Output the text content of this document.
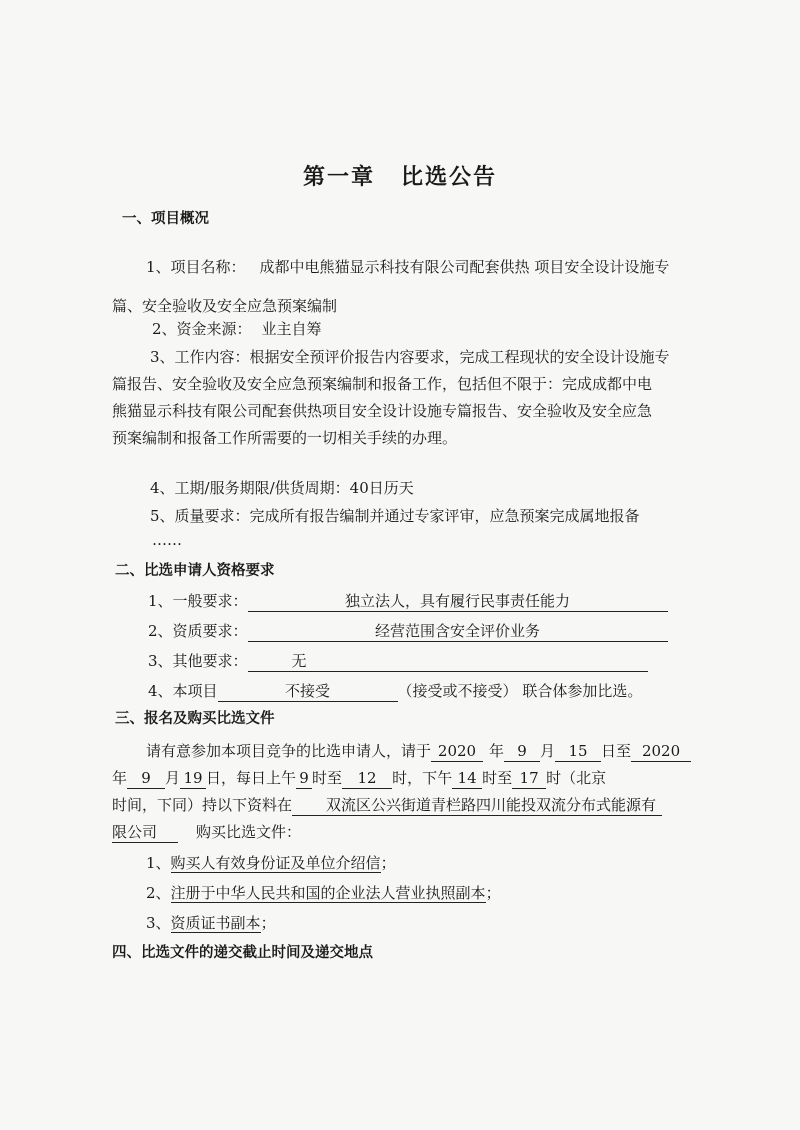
第一章 比选公告
一、项目概况
1、项目名称： 成都中电熊猫显示科技有限公司配套供热 项目安全设计设施专
篇、安全验收及安全应急预案编制
2、资金来源： 业主自筹
3、工作内容：根据安全预评价报告内容要求，完成工程现状的安全设计设施专
篇报告、安全验收及安全应急预案编制和报备工作，包括但不限于：完成成都中电
熊猫显示科技有限公司配套供热项目安全设计设施专篇报告、安全验收及安全应急
预案编制和报备工作所需要的一切相关手续的办理。
4、工期/服务期限/供货周期：40日历天
5、质量要求：完成所有报告编制并通过专家评审，应急预案完成属地报备
……
二、比选申请人资格要求
1、一般要求：	独立法人，具有履行民事责任能力
2、资质要求：	经营范围含安全评价业务
3、其他要求：	无
4、本项目	不接受	（接受或不接受） 联合体参加比选。
三、报名及购买比选文件
请有意参加本项目竞争的比选申请人，请于 2020 年 9 月 15 日至 2020
年 9 月 19 日，每日上午 9 时至 12 时，下午 14 时至 17 时（北京
时间，下同）持以下资料在 双流区公兴街道青栏路四川能投双流分布式能源有
限公司	购买比选文件：
1、购买人有效身份证及单位介绍信；
2、注册于中华人民共和国的企业法人营业执照副本；
3、资质证书副本；
四、比选文件的递交截止时间及递交地点
